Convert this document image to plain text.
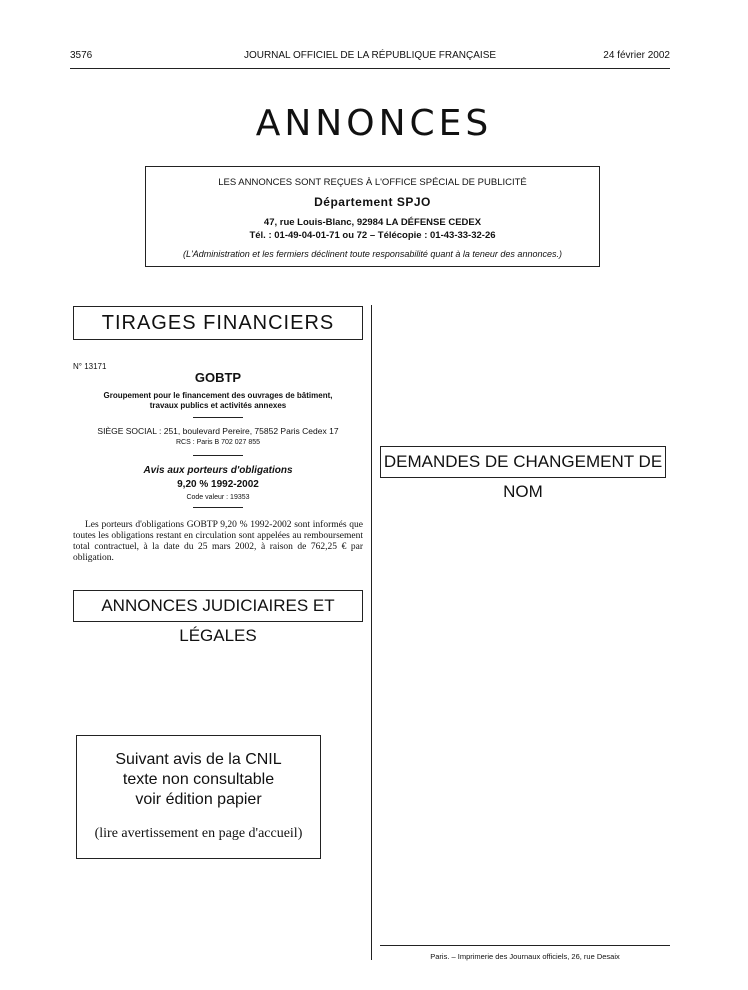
3576	JOURNAL OFFICIEL DE LA RÉPUBLIQUE FRANÇAISE	24 février 2002
ANNONCES
LES ANNONCES SONT REÇUES À L'OFFICE SPÉCIAL DE PUBLICITÉ
Département SPJO
47, rue Louis-Blanc, 92984 LA DÉFENSE CEDEX
Tél. : 01-49-04-01-71 ou 72 – Télécopie : 01-43-33-32-26
(L'Administration et les fermiers déclinent toute responsabilité quant à la teneur des annonces.)
TIRAGES FINANCIERS
N° 13171
GOBTP
Groupement pour le financement des ouvrages de bâtiment,
travaux publics et activités annexes
SIÈGE SOCIAL : 251, boulevard Pereire, 75852 Paris Cedex 17
RCS : Paris B 702 027 855
Avis aux porteurs d'obligations
9,20 % 1992-2002
Code valeur : 19353
Les porteurs d'obligations GOBTP 9,20 % 1992-2002 sont informés que toutes les obligations restant en circulation sont appelées au remboursement total contractuel, à la date du 25 mars 2002, à raison de 762,25 € par obligation.
DEMANDES DE CHANGEMENT DE NOM
ANNONCES JUDICIAIRES ET LÉGALES
Suivant avis de la CNIL
texte non consultable
voir édition papier
(lire avertissement en page d'accueil)
Paris. – Imprimerie des Journaux officiels, 26, rue Desaix
